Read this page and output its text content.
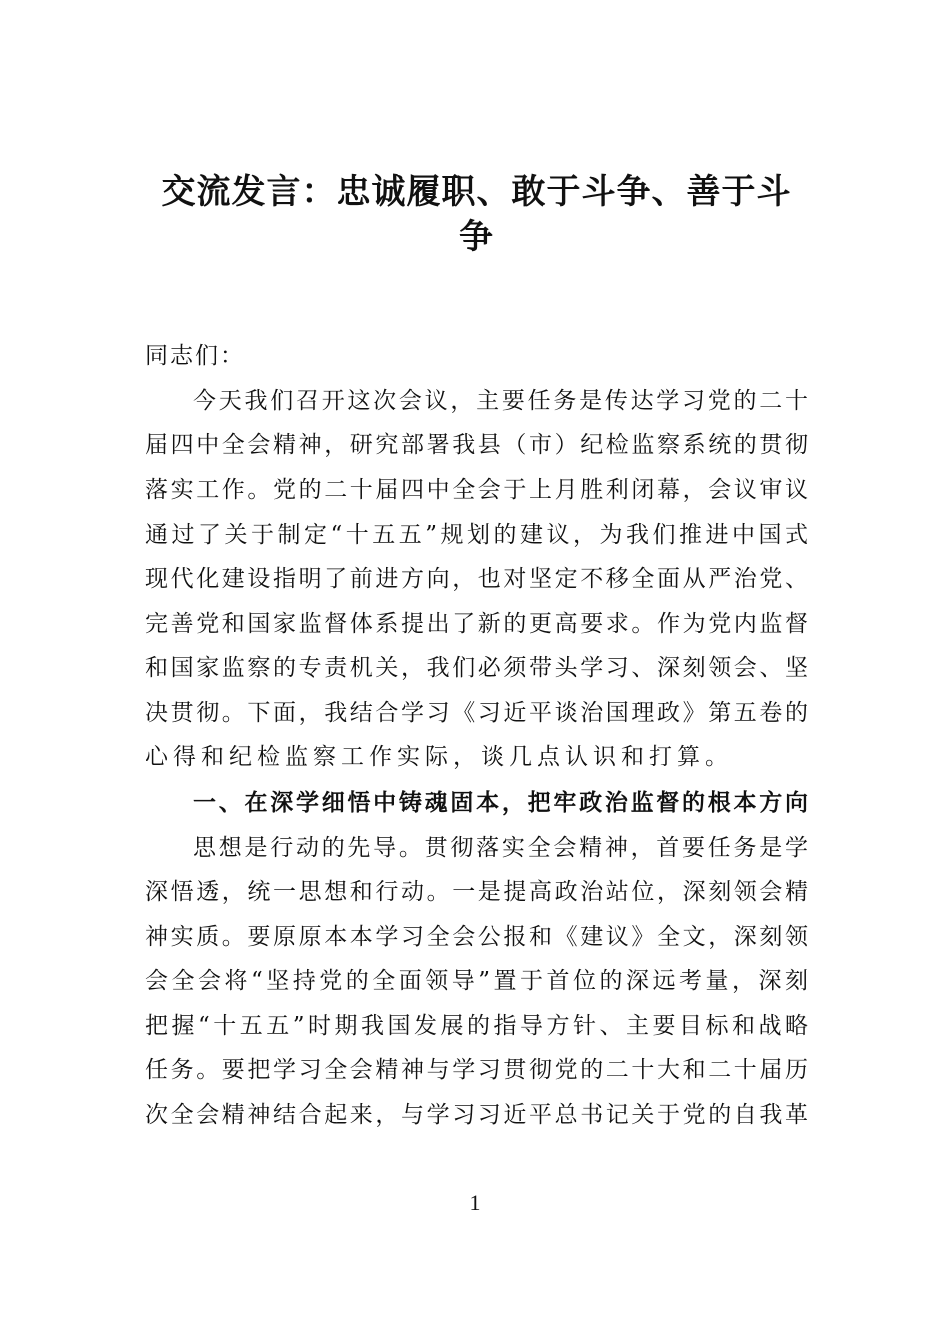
交流发言：忠诚履职、敢于斗争、善于斗
争
同志们：
今天我们召开这次会议，主要任务是传达学习党的二十
届四中全会精神，研究部署我县（市）纪检监察系统的贯彻
落实工作。党的二十届四中全会于上月胜利闭幕，会议审议
通过了关于制定“十五五”规划的建议，为我们推进中国式
现代化建设指明了前进方向，也对坚定不移全面从严治党、
完善党和国家监督体系提出了新的更高要求。作为党内监督
和国家监察的专责机关，我们必须带头学习、深刻领会、坚
决贯彻。下面，我结合学习《习近平谈治国理政》第五卷的
心得和纪检监察工作实际，谈几点认识和打算。
一、在深学细悟中铸魂固本，把牢政治监督的根本方向
思想是行动的先导。贯彻落实全会精神，首要任务是学
深悟透，统一思想和行动。一是提高政治站位，深刻领会精
神实质。要原原本本学习全会公报和《建议》全文，深刻领
会全会将“坚持党的全面领导”置于首位的深远考量，深刻
把握“十五五”时期我国发展的指导方针、主要目标和战略
任务。要把学习全会精神与学习贯彻党的二十大和二十届历
次全会精神结合起来，与学习习近平总书记关于党的自我革
1
